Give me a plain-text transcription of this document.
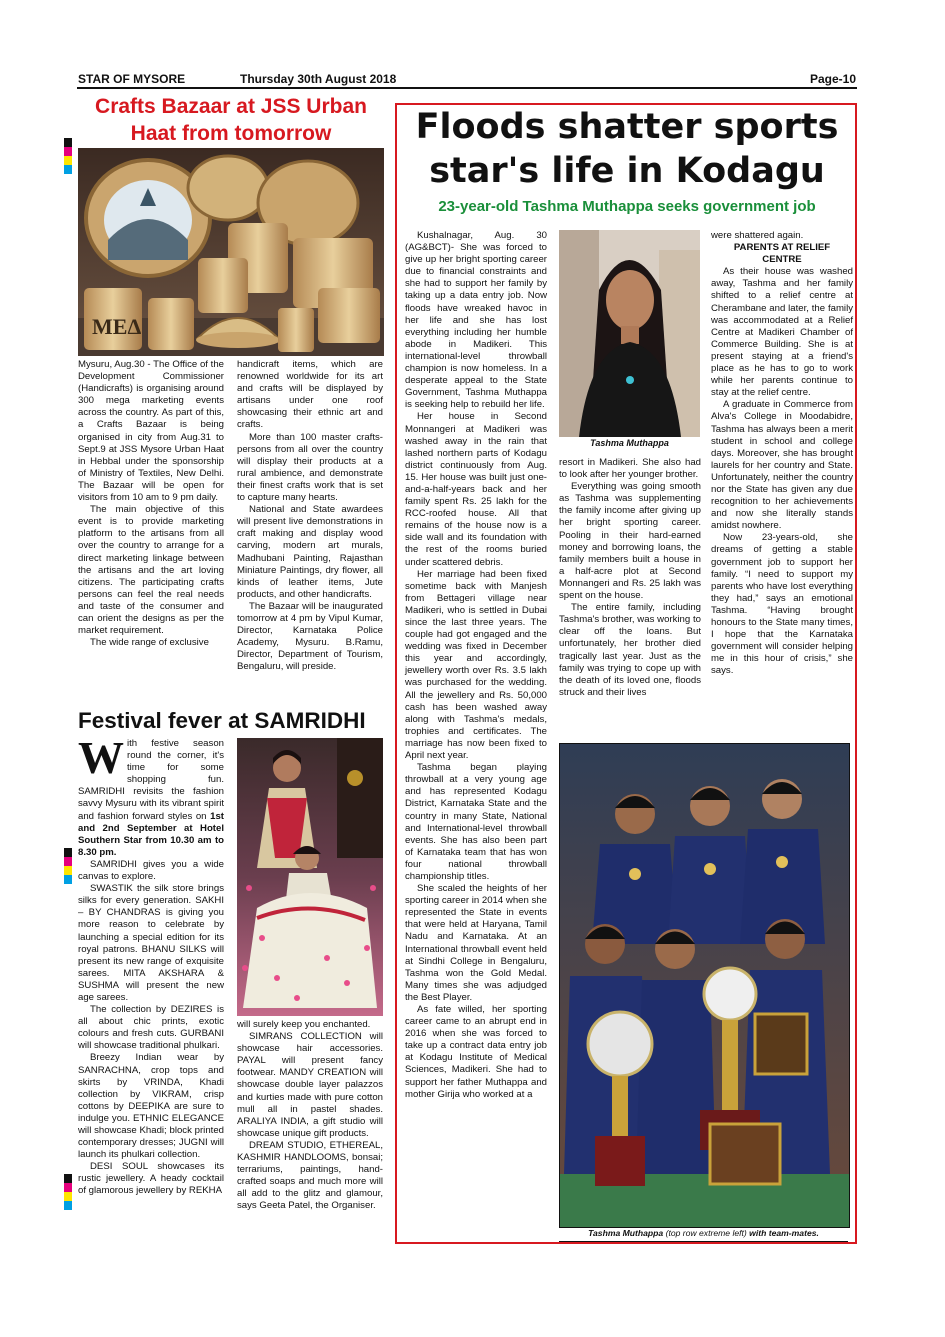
STAR OF MYSORE	Thursday 30th August 2018	Page-10
Crafts Bazaar at JSS Urban
Haat from tomorrow
ΜΕΔ

Mysuru, Aug.30 - The Office of the Development Commissioner (Handicrafts) is organising around 300 mega marketing events across the country. As part of this, a Crafts Bazaar is being organised in city from Aug.31 to Sept.9 at JSS Mysore Urban Haat in Hebbal under the sponsorship of Ministry of Textiles, New Delhi. The Bazaar will be open for visitors from 10 am to 9 pm daily.

The main objective of this event is to provide marketing platform to the artisans from all over the country to arrange for a direct marketing linkage between the artisans and the art loving citizens. The participating crafts persons can feel the real needs and taste of the consumer and can orient the designs as per the market requirement.

The wide range of exclusive

handicraft items, which are renowned worldwide for its art and crafts will be displayed by artisans under one roof showcasing their ethnic art and crafts.

More than 100 master crafts-persons from all over the country will display their products at a rural ambience, and demonstrate their finest crafts work that is set to capture many hearts.

National and State awardees will present live demonstrations in craft making and display wood carving, modern art murals, Madhubani Painting, Rajasthan Miniature Paintings, dry flower, all kinds of leather items, Jute products, and other handicrafts.

The Bazaar will be inaugurated tomorrow at 4 pm by Vipul Kumar, Director, Karnataka Police Academy, Mysuru. B.Ramu, Director, Department of Tourism, Bengaluru, will preside.

Festival fever at SAMRIDHI

With festive season round the corner, it's time for some shopping fun. SAMRIDHI revisits the fashion savvy Mysuru with its vibrant spirit and fashion forward styles on 1st and 2nd September at Hotel Southern Star from 10.30 am to 8.30 pm.

SAMRIDHI gives you a wide canvas to explore.

SWASTIK the silk store brings silks for every generation. SAKHI – BY CHANDRAS is giving you more reason to celebrate by launching a special edition for its royal patrons. BHANU SILKS will present its new range of exquisite sarees. MITA AKSHARA & SUSHMA will present the new age sarees.

The collection by DEZIRES is all about chic prints, exotic colours and fresh cuts. GURBANI will showcase traditional phulkari.

Breezy Indian wear by SANRACHNA, crop tops and skirts by VRINDA, Khadi collection by VIKRAM, crisp cottons by DEEPIKA are sure to indulge you. ETHNIC ELEGANCE will showcase Khadi; block printed contemporary dresses; JUGNI will launch its phulkari collection.

DESI SOUL showcases its rustic jewellery. A heady cocktail of glamorous jewellery by REKHA

will surely keep you enchanted.

SIMRANS COLLECTION will showcase hair accessories. PAYAL will present fancy footwear. MANDY CREATION will showcase double layer palazzos and kurties made with pure cotton mull all in pastel shades. ARALIYA INDIA, a gift studio will showcase unique gift products.

DREAM STUDIO, ETHEREAL, KASHMIR HANDLOOMS, bonsai; terrariums, paintings, hand-crafted soaps and much more will all add to the glitz and glamour, says Geeta Patel, the Organiser.

Floods shatter sports
star's life in Kodagu
23-year-old Tashma Muthappa seeks government job

Kushalnagar, Aug. 30 (AG&BCT)- She was forced to give up her bright sporting career due to financial constraints and she had to support her family by taking up a data entry job. Now floods have wreaked havoc in her life and she has lost everything including her humble abode in Madikeri. This international-level throwball champion is now homeless. In a desperate appeal to the State Government, Tashma Muthappa is seeking help to rebuild her life.

Her house in Second Monnangeri at Madikeri was washed away in the rain that lashed northern parts of Kodagu district continuously from Aug. 15. Her house was built just one-and-a-half-years back and her family spent Rs. 25 lakh for the RCC-roofed house. All that remains of the house now is a side wall and its foundation with the rest of the rooms buried under scattered debris.

Her marriage had been fixed sometime back with Manjesh from Bettageri village near Madikeri, who is settled in Dubai since the last three years. The couple had got engaged and the wedding was fixed in December this year and accordingly, jewellery worth over Rs. 3.5 lakh was purchased for the wedding. All the jewellery and Rs. 50,000 cash has been washed away along with Tashma's medals, trophies and certificates. The marriage has now been fixed to April next year.

Tashma began playing throwball at a very young age and has represented Kodagu District, Karnataka State and the country in many State, National and International-level throwball events. She has also been part of Karnataka team that has won four national throwball championship titles.

She scaled the heights of her sporting career in 2014 when she represented the State in events that were held at Haryana, Tamil Nadu and Karnataka. At an International throwball event held at Sindhi College in Bengaluru, Tashma won the Gold Medal. Many times she was adjudged the Best Player.

As fate willed, her sporting career came to an abrupt end in 2016 when she was forced to take up a contract data entry job at Kodagu Institute of Medical Sciences, Madikeri. She had to support her father Muthappa and mother Girija who worked at a

Tashma Muthappa

resort in Madikeri. She also had to look after her younger brother.

Everything was going smooth as Tashma was supplementing the family income after giving up her bright sporting career. Pooling in their hard-earned money and borrowing loans, the family members built a house in a half-acre plot at Second Monnangeri and Rs. 25 lakh was spent on the house.

The entire family, including Tashma's brother, was working to clear off the loans. But unfortunately, her brother died tragically last year. Just as the family was trying to cope up with the death of its loved one, floods struck and their lives

were shattered again.

PARENTS AT RELIEF
CENTRE

As their house was washed away, Tashma and her family shifted to a relief centre at Cherambane and later, the family was accommodated at a Relief Centre at Madikeri Chamber of Commerce Building. She is at present staying at a friend's place as he has to go to work while her parents continue to stay at the relief centre.

A graduate in Commerce from Alva's College in Moodabidre, Tashma has always been a merit student in school and college days. Moreover, she has brought laurels for her country and State. Unfortunately, neither the country nor the State has given any due recognition to her achievements and now she literally stands amidst nowhere.

Now 23-years-old, she dreams of getting a stable government job to support her family. “I need to support my parents who have lost everything they had,” says an emotional Tashma. “Having brought honours to the State many times, I hope that the Karnataka government will consider helping me in this hour of crisis,” she says.

Tashma Muthappa (top row extreme left) with team-mates.
